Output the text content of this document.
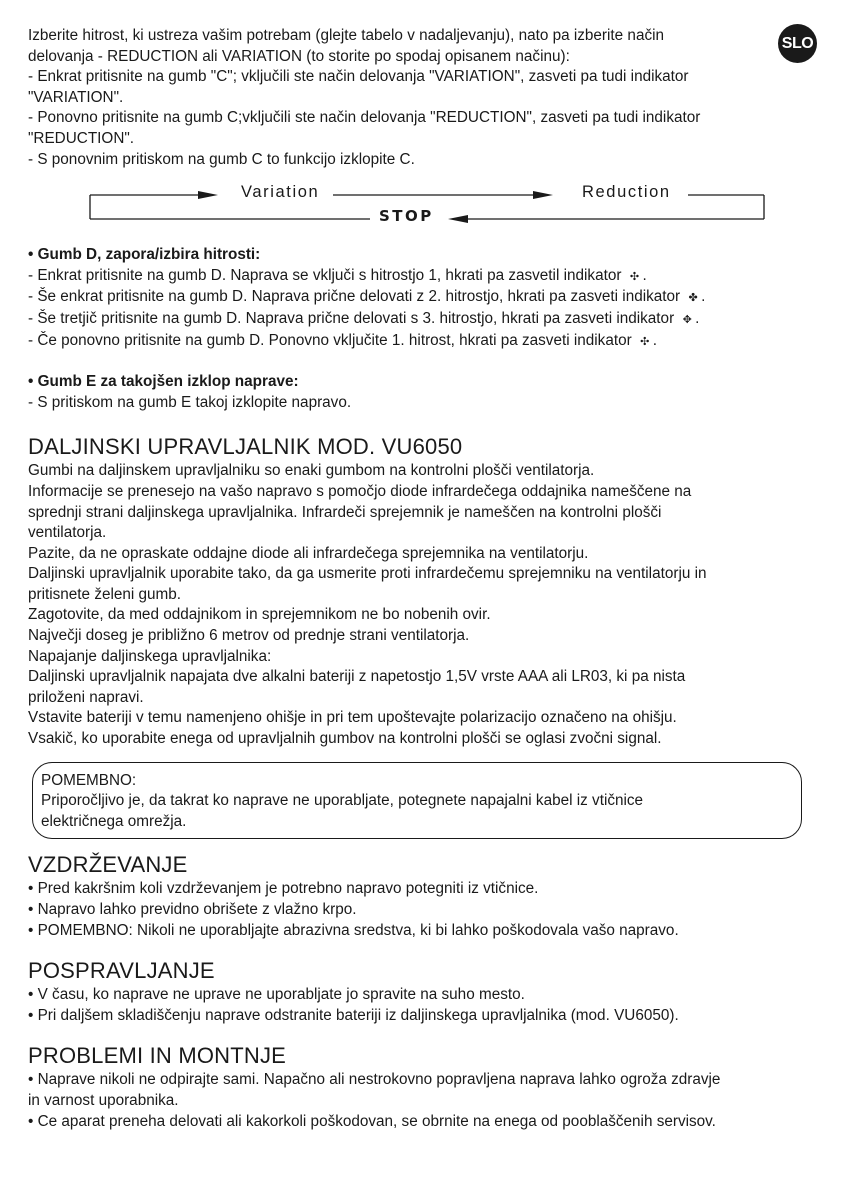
SLO

Izberite hitrost, ki ustreza vašim potrebam (glejte tabelo v nadaljevanju), nato pa izberite način

delovanja - REDUCTION ali VARIATION (to storite po spodaj opisanem načinu):

- Enkrat pritisnite na gumb "C"; vključili ste način delovanja "VARIATION", zasveti pa tudi indikator

"VARIATION".

- Ponovno pritisnite na gumb C;vključili ste način delovanja "REDUCTION", zasveti pa tudi indikator

"REDUCTION".

- S ponovnim pritiskom na gumb C to funkcijo izklopite C.

Variation	Reduction
STOP

• Gumb D, zapora/izbira hitrosti:

- Enkrat pritisnite na gumb D. Naprava se vključi s hitrostjo 1, hkrati pa zasvetil indikator ✣ .

- Še enkrat pritisnite na gumb D. Naprava prične delovati z 2. hitrostjo, hkrati pa zasveti indikator ✤ .

- Še tretjič pritisnite na gumb D. Naprava prične delovati s 3. hitrostjo, hkrati pa zasveti indikator ✥ .

- Če ponovno pritisnite na gumb D. Ponovno vključite 1. hitrost, hkrati pa zasveti indikator ✣ .

• Gumb E za takojšen izklop naprave:

- S pritiskom na gumb E takoj izklopite napravo.

DALJINSKI UPRAVLJALNIK MOD. VU6050

Gumbi na daljinskem upravljalniku so enaki gumbom na kontrolni plošči ventilatorja.

Informacije se prenesejo na vašo napravo s pomočjo diode infrardečega oddajnika nameščene na

sprednji strani daljinskega upravljalnika. Infrardeči sprejemnik je nameščen na kontrolni plošči

ventilatorja.

Pazite, da ne opraskate oddajne diode ali infrardečega sprejemnika na ventilatorju.

Daljinski upravljalnik uporabite tako, da ga usmerite proti infrardečemu sprejemniku na ventilatorju in

pritisnete želeni gumb.

Zagotovite, da med oddajnikom in sprejemnikom ne bo nobenih ovir.

Največji doseg je približno 6 metrov od prednje strani ventilatorja.

Napajanje daljinskega upravljalnika:

Daljinski upravljalnik napajata dve alkalni bateriji z napetostjo 1,5V vrste AAA ali LR03, ki pa nista

priloženi napravi.

Vstavite bateriji v temu namenjeno ohišje in pri tem upoštevajte polarizacijo označeno na ohišju.

Vsakič, ko uporabite enega od upravljalnih gumbov na kontrolni plošči se oglasi zvočni signal.

POMEMBNO:

Priporočljivo je, da takrat ko naprave ne uporabljate, potegnete napajalni kabel iz vtičnice

električnega omrežja.

VZDRŽEVANJE

• Pred kakršnim koli vzdrževanjem je potrebno napravo potegniti iz vtičnice.

• Napravo lahko previdno obrišete z vlažno krpo.

• POMEMBNO: Nikoli ne uporabljajte abrazivna sredstva, ki bi lahko poškodovala vašo napravo.

POSPRAVLJANJE

• V času, ko naprave ne uprave ne uporabljate jo spravite na suho mesto.

• Pri daljšem skladiščenju naprave odstranite bateriji iz daljinskega upravljalnika (mod. VU6050).

PROBLEMI IN MONTNJE

• Naprave nikoli ne odpirajte sami. Napačno ali nestrokovno popravljena naprava lahko ogroža zdravje

in varnost uporabnika.

• Ce aparat preneha delovati ali kakorkoli poškodovan, se obrnite na enega od pooblaščenih servisov.
